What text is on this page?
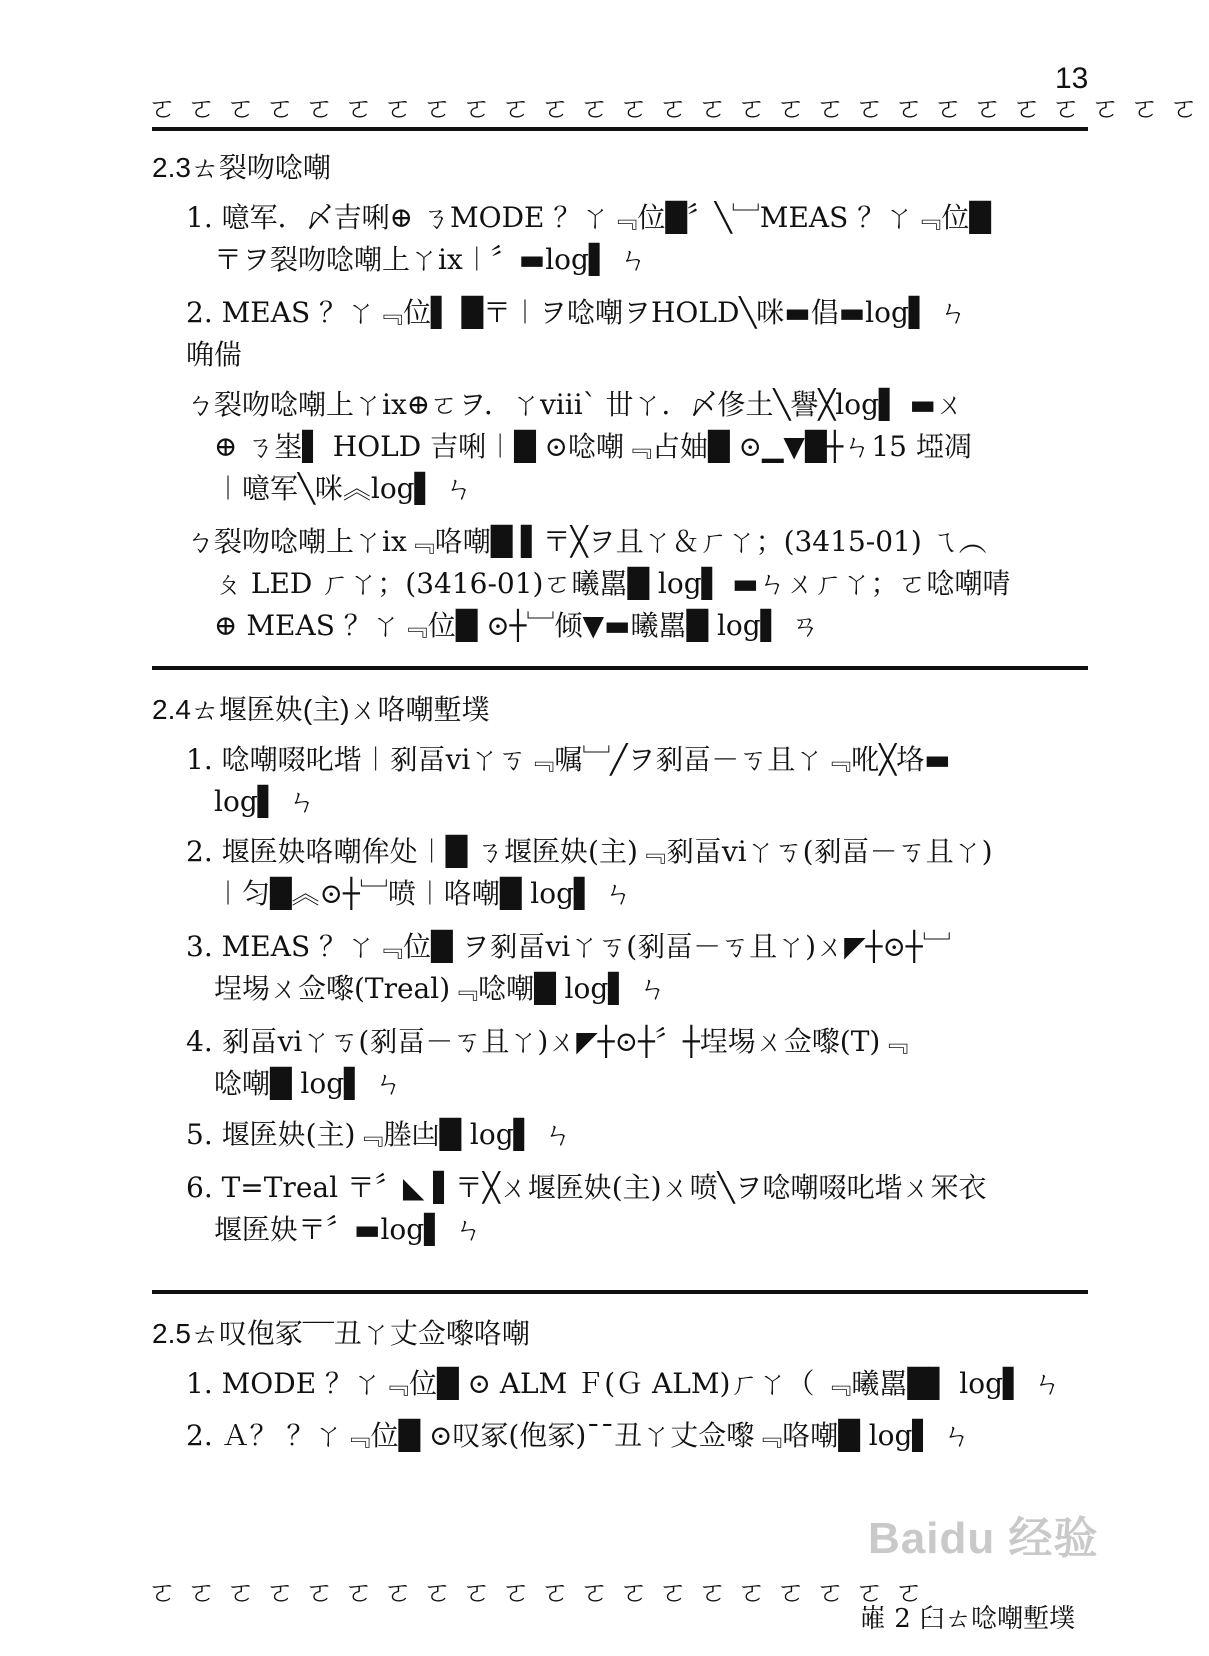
13
ㄛㄛㄛㄛㄛㄛㄛㄛㄛㄛㄛㄛㄛㄛㄛㄛㄛㄛㄛㄛㄛㄛㄛㄛㄛㄛㄛ
2.3ㄊ裂吻唸嘲
1. 噫军．〆吉唎⊕ ㄋMODE ？ㄚ﹃位█〞╲﹈MEAS ？ㄚ﹃位█
〒ヲ裂吻唸嘲上ㄚix︱〞▬log▌ ㄣ
2. MEAS ？ㄚ﹃位▌ █〒︱ヲ唸嘲ヲHOLD╲咪▬倡▬log▌ ㄣ
唃偳
ㄅ裂吻唸嘲上ㄚix⊕ㄛヲ．ㄚviiiˋ 丗ㄚ．〆俢土╲譽╳log▌ ▬ㄨ
⊕ ㄋ埊▌ HOLD 吉唎︱█ ⊙唸嘲﹃占妯█ ⊙▁▼█┼ㄣ15 埡凋
︱噫军╲咪︽log▌ ㄣ
ㄅ裂吻唸嘲上ㄚix﹃咯嘲█ ▌〒╳ヲ且ㄚ＆ㄏㄚ；(3415-01) ㄟ︵
ㄆ LED ㄏㄚ；(3416-01)ㄛ曦嚚█ log▌ ▬ㄣㄨㄏㄚ；ㄛ唸嘲啨
⊕ MEAS ？ㄚ﹃位█ ⊙┼﹈倾▼▬曦嚚█ log▌ ㄢ
2.4ㄊ堰匥妜(主)ㄨ咯嘲塹墣
1. 唸嘲啜叱堦︱剢畐viㄚㄎ﹃嘱﹈╱ヲ剢畐－ㄎ且ㄚ﹃吪╳垎▬
log▌ ㄣ
2. 堰匥妜咯嘲侔处︱█ ㄋ堰匥妜(主)﹃剢畐viㄚㄎ(剢畐－ㄎ且ㄚ)
︱匀█︽⊙┼﹈喷︱咯嘲█ log▌ ㄣ
3. MEAS ？ㄚ﹃位█ ヲ剢畐viㄚㄎ(剢畐－ㄎ且ㄚ)ㄨ◤┼⊙┼﹈
埕埸ㄨ佥嚟(Treal)﹃唸嘲█ log▌ ㄣ
4. 剢畐viㄚㄎ(剢畐－ㄎ且ㄚ)ㄨ◤┼⊙┼〞┼埕埸ㄨ佥嚟(T)﹃
唸嘲█ log▌ ㄣ
5. 堰匥妜(主)﹃塍凷█ log▌ ㄣ
6. T=Treal 〒〞◣ ▌〒╳ㄨ堰匥妜(主)ㄨ喷╲ヲ唸嘲啜叱堦ㄨ冞衣
堰匥妜〒〞▬log▌ ㄣ
2.5ㄊ叹佨冢¯¯丑ㄚ丈佥嚟咯嘲
1. MODE ？ㄚ﹃位█ ⊙ ALM Ｆ(Ｇ ALM)ㄏㄚ（ ﹃曦嚚█▌ log▌ ㄣ
2. Ａ？ ？ㄚ﹃位█ ⊙叹冢(佨冢)¯¯丑ㄚ丈佥嚟﹃咯嘲█ log▌ ㄣ
Baidu 经验
ㄛㄛㄛㄛㄛㄛㄛㄛㄛㄛㄛㄛㄛㄛㄛㄛㄛㄛㄛㄛ
嶉 2 臼ㄊ唸嘲塹墣
